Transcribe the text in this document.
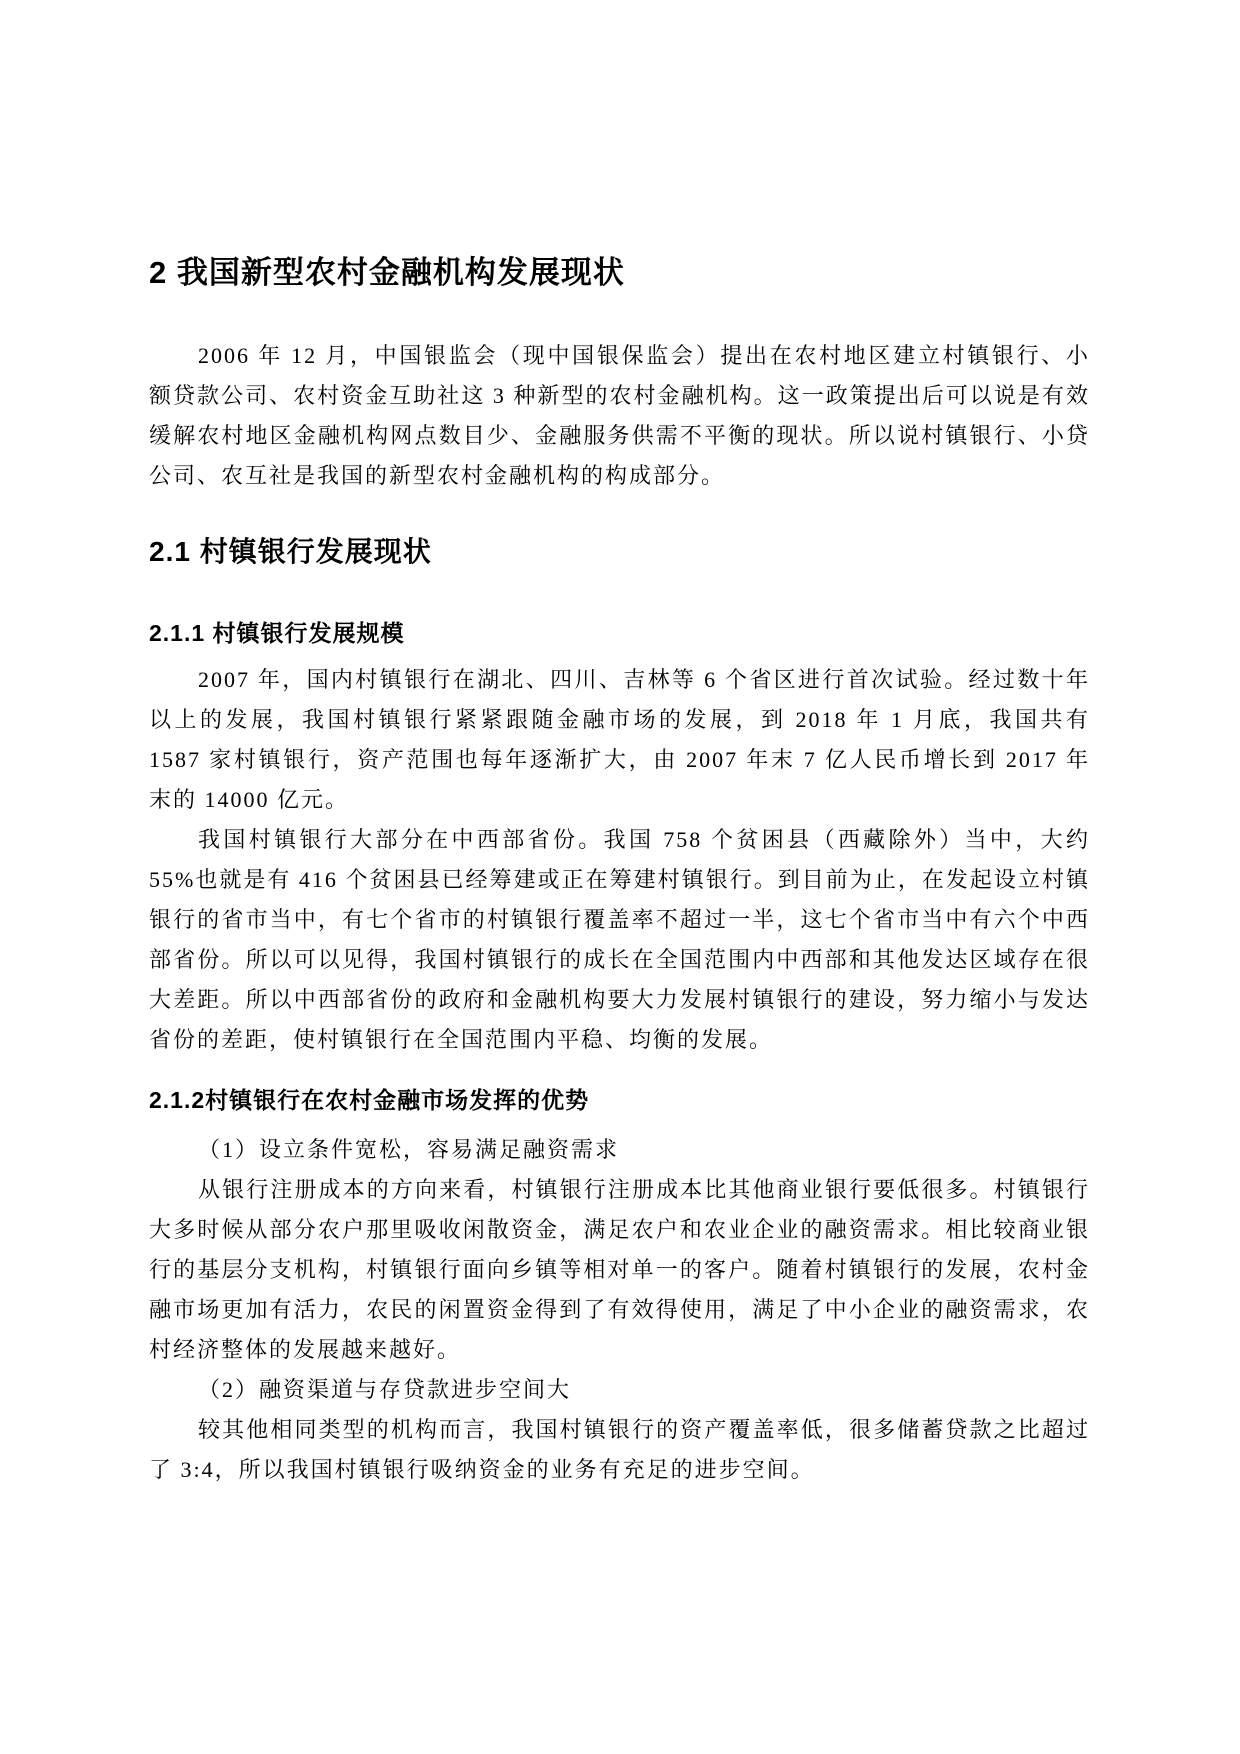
2 我国新型农村金融机构发展现状

2006 年 12 月，中国银监会（现中国银保监会）提出在农村地区建立村镇银行、小额贷款公司、农村资金互助社这 3 种新型的农村金融机构。这一政策提出后可以说是有效缓解农村地区金融机构网点数目少、金融服务供需不平衡的现状。所以说村镇银行、小贷公司、农互社是我国的新型农村金融机构的构成部分。

2.1 村镇银行发展现状
2.1.1 村镇银行发展规模

2007 年，国内村镇银行在湖北、四川、吉林等 6 个省区进行首次试验。经过数十年以上的发展，我国村镇银行紧紧跟随金融市场的发展，到 2018 年 1 月底，我国共有 1587 家村镇银行，资产范围也每年逐渐扩大，由 2007 年末 7 亿人民币增长到 2017 年末的 14000 亿元。

我国村镇银行大部分在中西部省份。我国 758 个贫困县（西藏除外）当中，大约 55%也就是有 416 个贫困县已经筹建或正在筹建村镇银行。到目前为止，在发起设立村镇银行的省市当中，有七个省市的村镇银行覆盖率不超过一半，这七个省市当中有六个中西部省份。所以可以见得，我国村镇银行的成长在全国范围内中西部和其他发达区域存在很大差距。所以中西部省份的政府和金融机构要大力发展村镇银行的建设，努力缩小与发达省份的差距，使村镇银行在全国范围内平稳、均衡的发展。

2.1.2村镇银行在农村金融市场发挥的优势

（1）设立条件宽松，容易满足融资需求

从银行注册成本的方向来看，村镇银行注册成本比其他商业银行要低很多。村镇银行大多时候从部分农户那里吸收闲散资金，满足农户和农业企业的融资需求。相比较商业银行的基层分支机构，村镇银行面向乡镇等相对单一的客户。随着村镇银行的发展，农村金融市场更加有活力，农民的闲置资金得到了有效得使用，满足了中小企业的融资需求，农村经济整体的发展越来越好。

（2）融资渠道与存贷款进步空间大

较其他相同类型的机构而言，我国村镇银行的资产覆盖率低，很多储蓄贷款之比超过了 3:4，所以我国村镇银行吸纳资金的业务有充足的进步空间。
